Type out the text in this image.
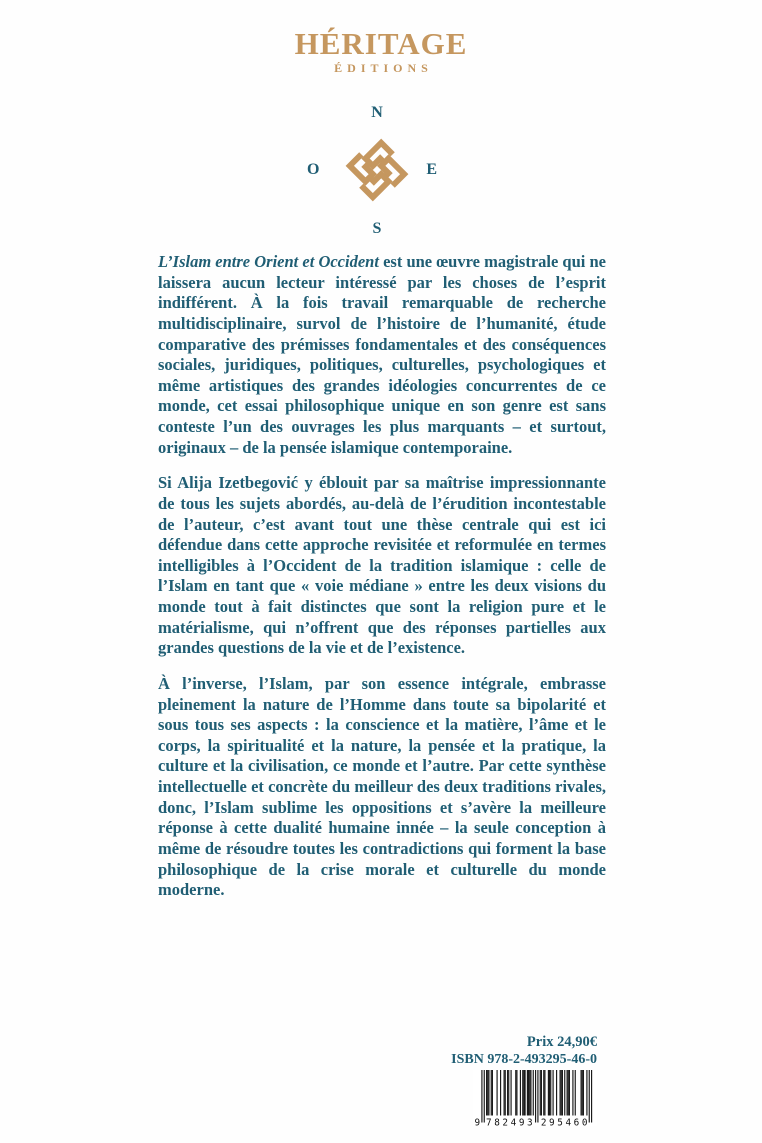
HÉRITAGE
ÉDITIONS
N
O	E
S

L’Islam entre Orient et Occident est une œuvre magistrale qui ne laissera aucun lecteur intéressé par les choses de l’esprit indifférent. À la fois travail remarquable de recherche multidisciplinaire, survol de l’histoire de l’humanité, étude comparative des prémisses fondamentales et des conséquences sociales, juridiques, politiques, culturelles, psychologiques et même artistiques des grandes idéologies concurrentes de ce monde, cet essai philosophique unique en son genre est sans conteste l’un des ouvrages les plus marquants – et surtout, originaux – de la pensée islamique contemporaine.

Si Alija Izetbegović y éblouit par sa maîtrise impressionnante de tous les sujets abordés, au-delà de l’érudition incontestable de l’auteur, c’est avant tout une thèse centrale qui est ici défendue dans cette approche revisitée et reformulée en termes intelligibles à l’Occident de la tradition islamique : celle de l’Islam en tant que « voie médiane » entre les deux visions du monde tout à fait distinctes que sont la religion pure et le matérialisme, qui n’offrent que des réponses partielles aux grandes questions de la vie et de l’existence.

À l’inverse, l’Islam, par son essence intégrale, embrasse pleinement la nature de l’Homme dans toute sa bipolarité et sous tous ses aspects : la conscience et la matière, l’âme et le corps, la spiritualité et la nature, la pensée et la pratique, la culture et la civilisation, ce monde et l’autre. Par cette synthèse intellectuelle et concrète du meilleur des deux traditions rivales, donc, l’Islam sublime les oppositions et s’avère la meilleure réponse à cette dualité humaine innée – la seule conception à même de résoudre toutes les contradictions qui forment la base philosophique de la crise morale et culturelle du monde moderne.

Prix 24,90€
ISBN 978-2-493295-46-0
9 782493 295460
